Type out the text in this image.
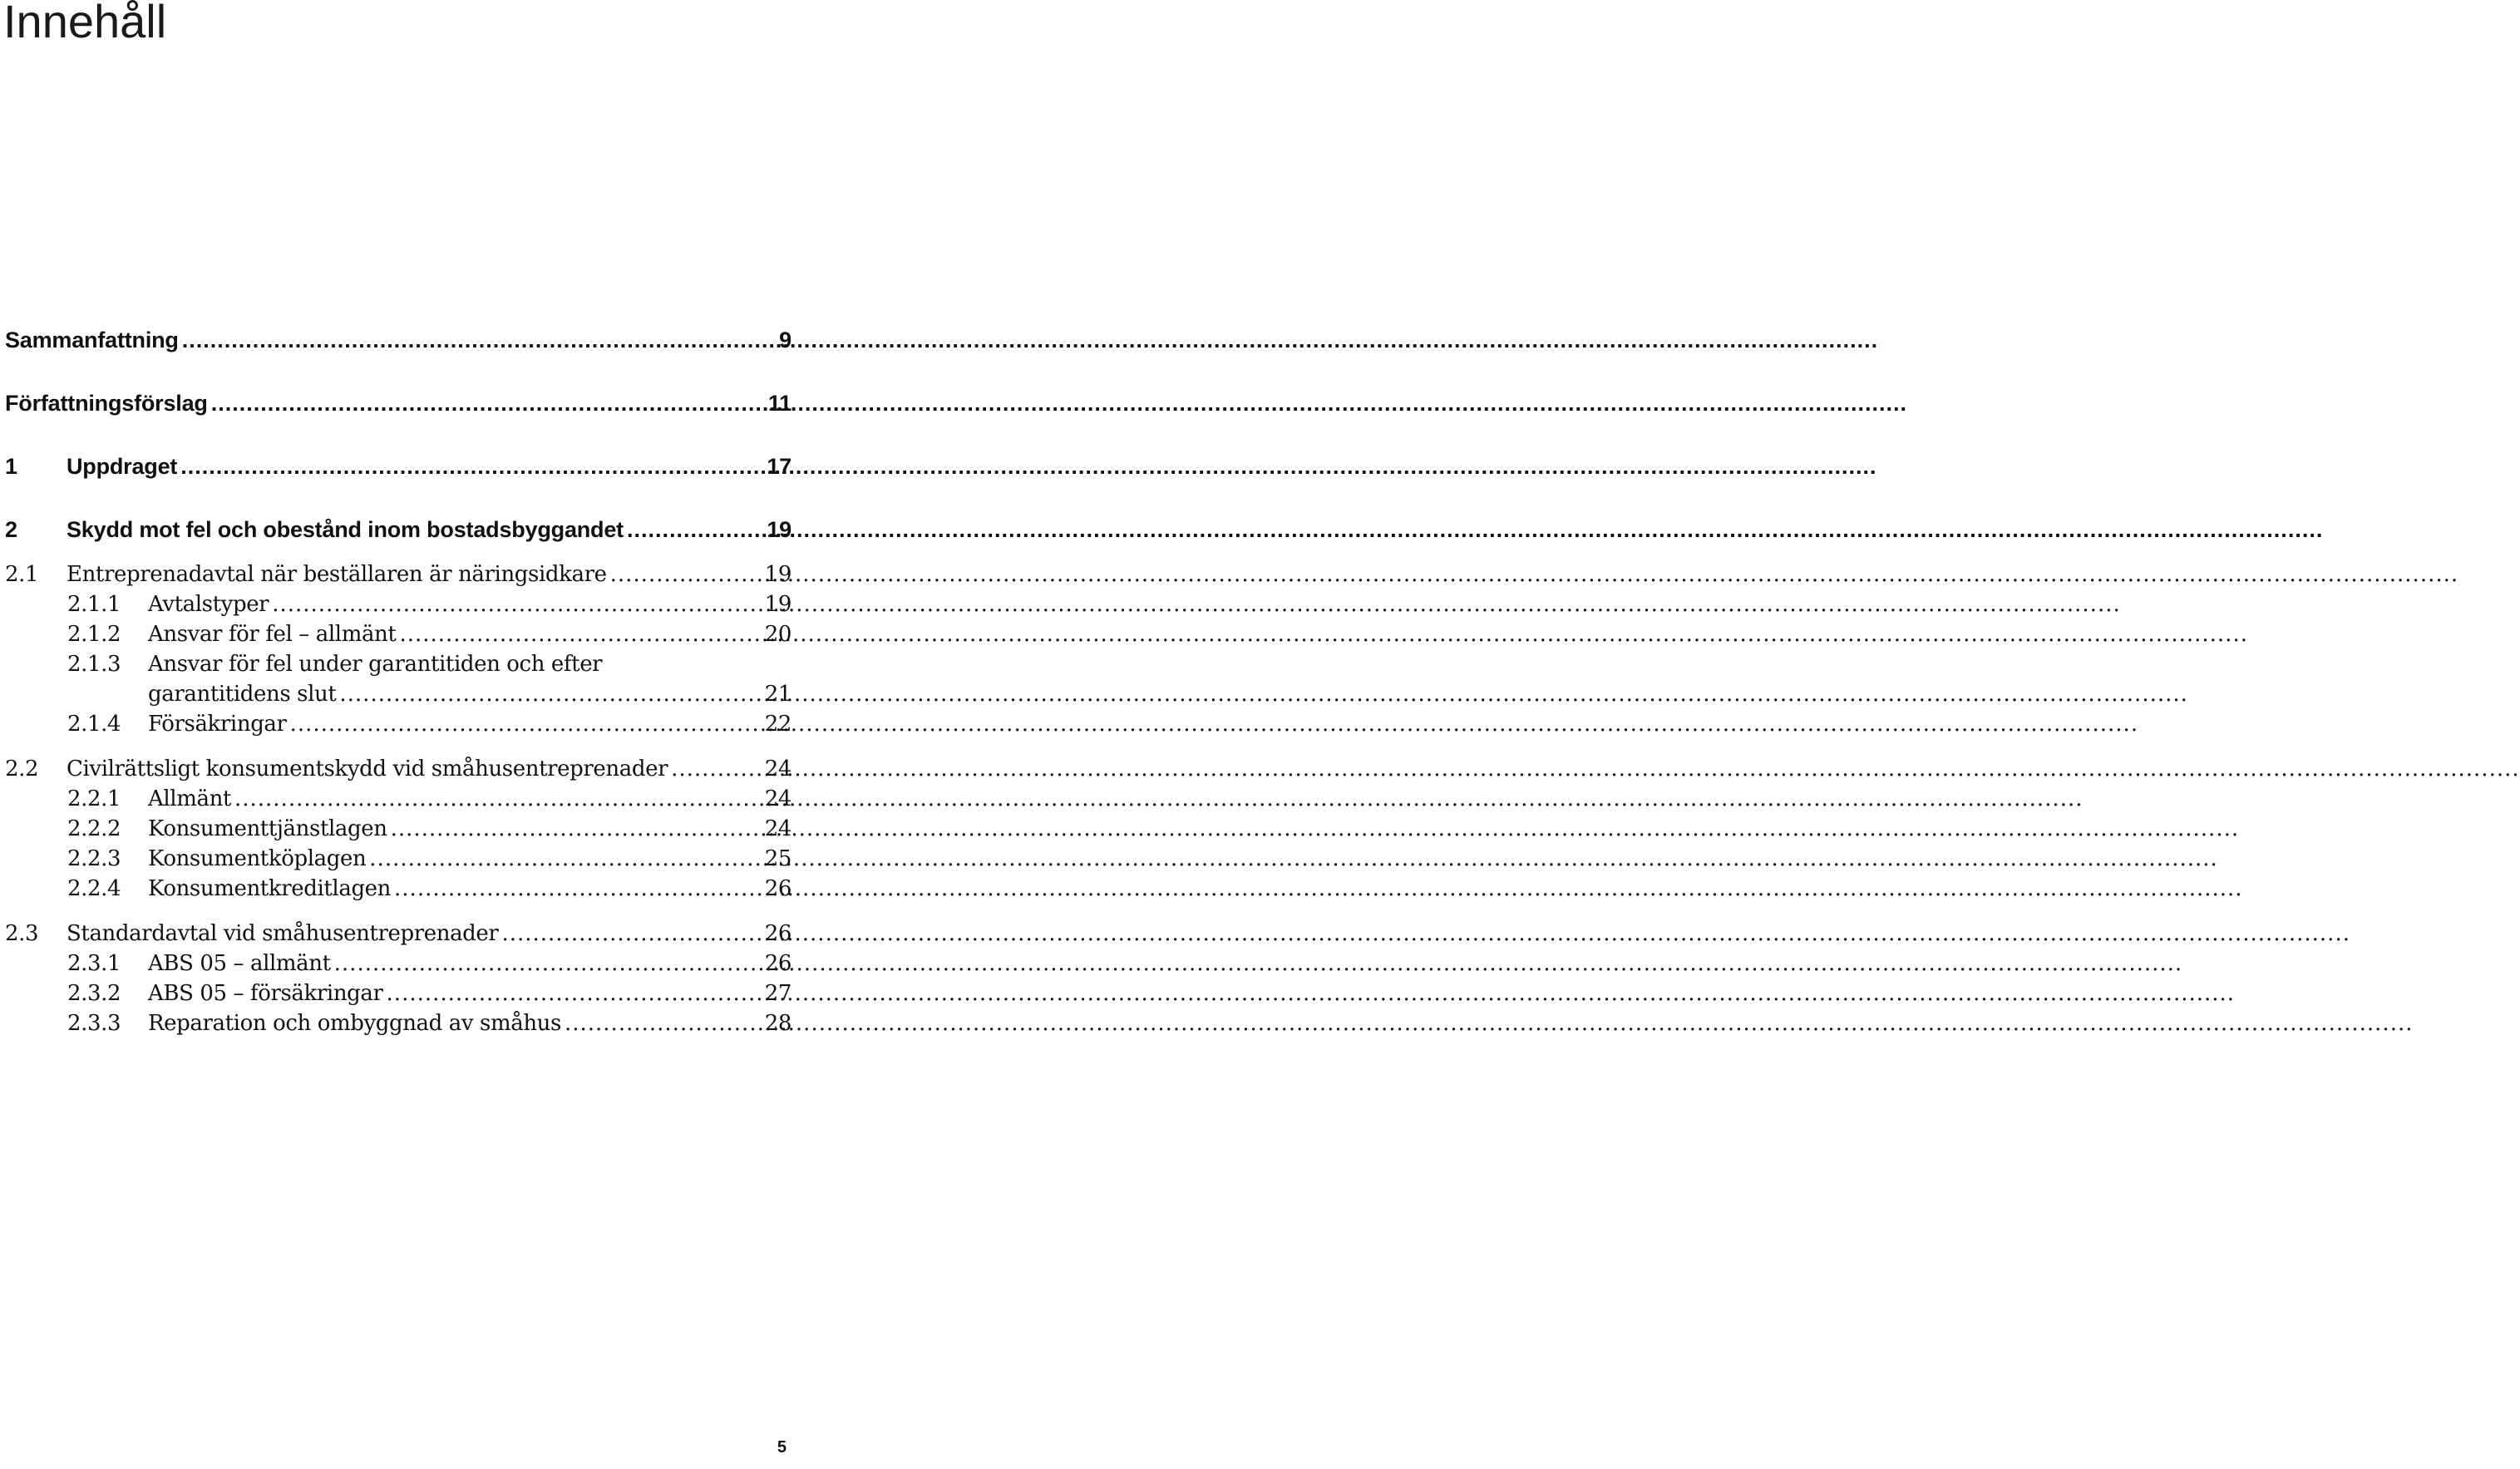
Innehåll
Sammanfattning .....	9
Författningsförslag .....	11
1	Uppdraget .....	17
2	Skydd mot fel och obestånd inom bostadsbyggandet .....	19
2.1	Entreprenadavtal när beställaren är näringsidkare .....	19
2.1.1	Avtalstyper .....	19
2.1.2	Ansvar för fel – allmänt .....	20
2.1.3	Ansvar för fel under garantitiden och efter
garantitidens slut .....	21
2.1.4	Försäkringar .....	22
2.2	Civilrättsligt konsumentskydd vid småhusentreprenader .....	24
2.2.1	Allmänt .....	24
2.2.2	Konsumenttjänstlagen .....	24
2.2.3	Konsumentköplagen .....	25
2.2.4	Konsumentkreditlagen .....	26
2.3	Standardavtal vid småhusentreprenader .....	26
2.3.1	ABS 05 – allmänt .....	26
2.3.2	ABS 05 – försäkringar .....	27
2.3.3	Reparation och ombyggnad av småhus .....	28
5
